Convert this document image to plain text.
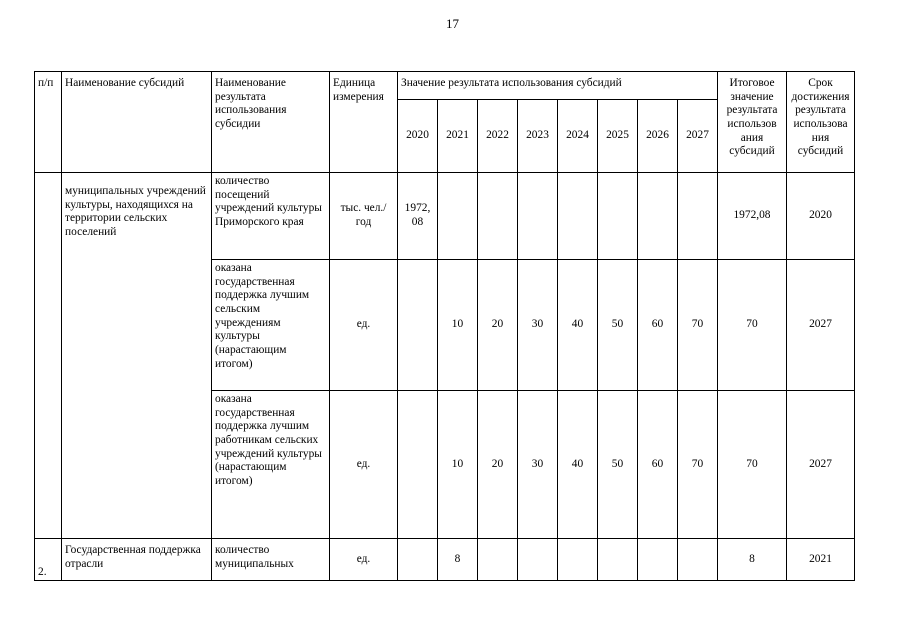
17
п/п	Наименование субсидий	Наименование результата использования субсидии	Единица измерения	Значение результата использования субсидий								Итоговое значение результата использов ания субсидий	Срок достижения результата использова ния субсидий
				2020	2021	2022	2023	2024	2025	2026	2027		
	муниципальных учреждений культуры, находящихся на территории сельских поселений	количество посещений учреждений культуры Приморского края	тыс. чел./год	1972, 08								1972,08	2020
		оказана государственная поддержка лучшим сельским учреждениям культуры (нарастающим итогом)	ед.		10	20	30	40	50	60	70	70	2027
		оказана государственная поддержка лучшим работникам сельских учреждений культуры (нарастающим итогом)	ед.		10	20	30	40	50	60	70	70	2027
2.	Государственная поддержка отрасли	количество муниципальных	ед.		8							8	2021
